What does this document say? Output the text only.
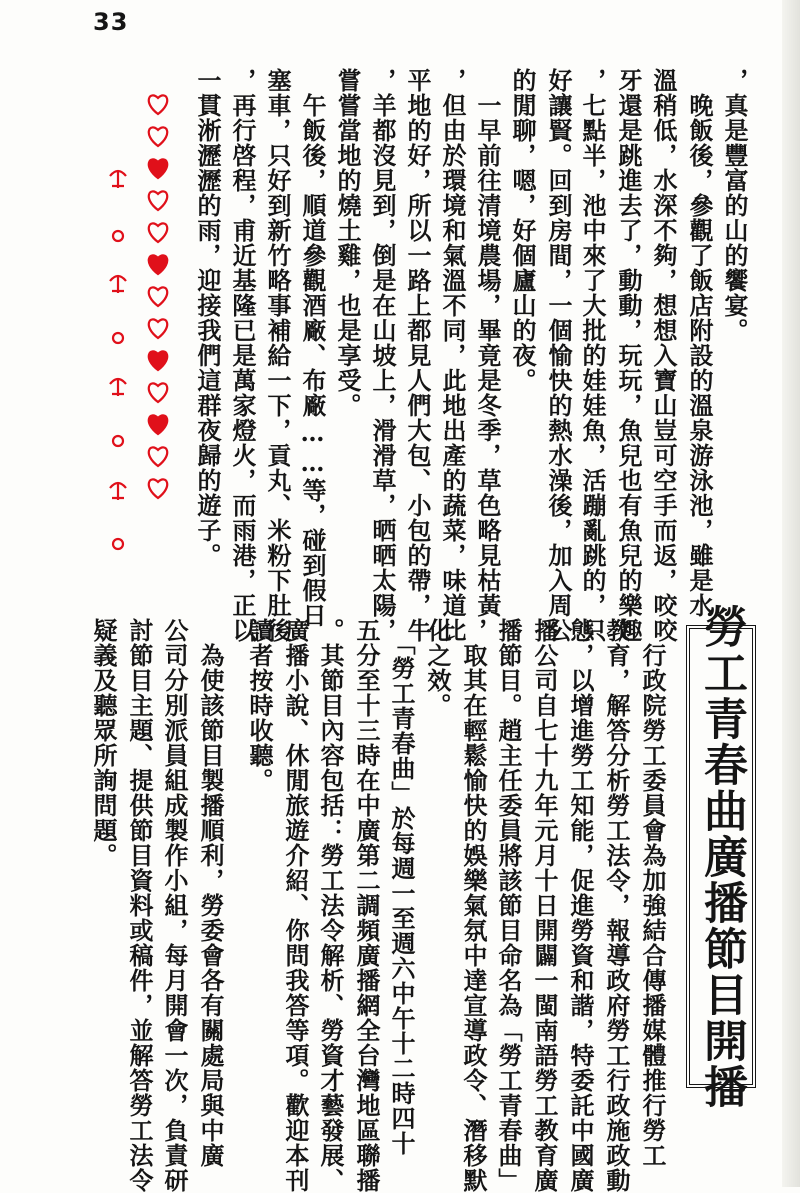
33
，真是豐富的山的饗宴。
　晚飯後，參觀了飯店附設的溫泉游泳池，雖是水
溫稍低，水深不夠，想想入寶山豈可空手而返，咬咬
牙還是跳進去了，動動，玩玩，魚兒也有魚兒的樂趣
，七點半，池中來了大批的娃娃魚，活蹦亂跳的，只
好讓賢。回到房間，一個愉快的熱水澡後，加入周公
的閒聊，嗯，好個廬山的夜。
　一早前往清境農場，畢竟是冬季，草色略見枯黃
，但由於環境和氣溫不同，此地出產的蔬菜，味道比
平地的好，所以一路上都見人們大包、小包的帶，牛
，羊都沒見到，倒是在山坡上，滑滑草，晒晒太陽，
嘗嘗當地的燒土雞，也是享受。
　午飯後，順道參觀酒廠、布廠……等，碰到假日
塞車，只好到新竹略事補給一下，貢丸、米粉下肚後
，再行啓程，甫近基隆已是萬家燈火，而雨港，正以
一貫淅瀝瀝的雨，迎接我們這群夜歸的遊子。
勞工青春曲廣播節目開播
　行政院勞工委員會為加強結合傳播媒體推行勞工
教育，解答分析勞工法令，報導政府勞工行政施政動
態，以增進勞工知能，促進勞資和諧，特委託中國廣
播公司自七十九年元月十日開闢一閩南語勞工教育廣
播節目。趙主任委員將該節目命名為「勞工青春曲」
，取其在輕鬆愉快的娛樂氣氛中達宣導政令、潛移默
化之效。
　「勞工青春曲」於每週一至週六中午十二時四十
五分至十三時在中廣第二調頻廣播網全台灣地區聯播
。其節目內容包括：勞工法令解析、勞資才藝發展、
廣播小說、休閒旅遊介紹、你問我答等項。歡迎本刊
讀者按時收聽。
　為使該節目製播順利，勞委會各有關處局與中廣
公司分別派員組成製作小組，每月開會一次，負責研
討節目主題、提供節目資料或稿件，並解答勞工法令
疑義及聽眾所詢問題。
